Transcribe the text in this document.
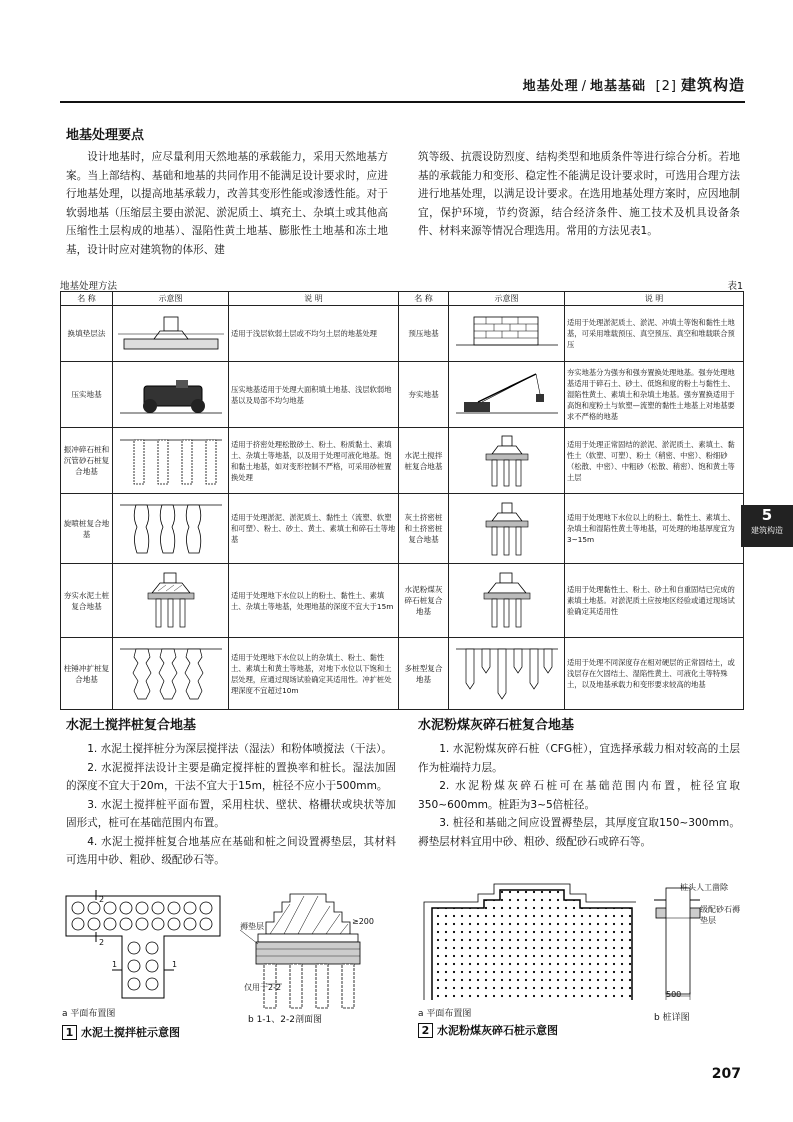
地基处理 / 地基基础 [2] 建筑构造
5
建筑构造
地基处理要点

设计地基时，应尽量利用天然地基的承载能力，采用天然地基方案。当上部结构、基础和地基的共同作用不能满足设计要求时，应进行地基处理，以提高地基承载力，改善其变形性能或渗透性能。对于软弱地基（压缩层主要由淤泥、淤泥质土、填充土、杂填土或其他高压缩性土层构成的地基）、湿陷性黄土地基、膨胀性土地基和冻土地基，设计时应对建筑物的体形、建

筑等级、抗震设防烈度、结构类型和地质条件等进行综合分析。若地基的承载能力和变形、稳定性不能满足设计要求时，可选用合理方法进行地基处理，以满足设计要求。在选用地基处理方案时，应因地制宜，保护环境，节约资源，结合经济条件、施工技术及机具设备条件、材料来源等情况合理选用。常用的方法见表1。

地基处理方法	表1
名 称	示意图	说 明	名 称	示意图	说 明
换填垫层法		适用于浅层软弱土层或不均匀土层的地基处理	预压地基		适用于处理淤泥质土、淤泥、冲填土等饱和黏性土地基，可采用堆载预压、真空预压、真空和堆载联合预压
压实地基		压实地基适用于处理大面积填土地基、浅层软弱地基以及局部不均匀地基	夯实地基		夯实地基分为强夯和强夯置换处理地基。强夯处理地基适用于碎石土、砂土、低饱和度的粉土与黏性土、湿陷性黄土、素填土和杂填土地基。强夯置换适用于高饱和度粉土与软塑—流塑的黏性土地基上对地基要求不严格的地基
振冲碎石桩和沉管砂石桩复合地基		适用于挤密处理松散砂土、粉土、粉质黏土、素填土、杂填土等地基，以及用于处理可液化地基。饱和黏土地基，如对变形控制不严格，可采用砂桩置换处理	水泥土搅拌桩复合地基		适用于处理正常固结的淤泥、淤泥质土、素填土、黏性土（软塑、可塑）、粉土（稍密、中密）、粉细砂（松散、中密）、中粗砂（松散、稍密）、饱和黄土等土层
旋喷桩复合地基		适用于处理淤泥、淤泥质土、黏性土（流塑、软塑和可塑）、粉土、砂土、黄土、素填土和碎石土等地基	灰土挤密桩和土挤密桩复合地基		适用于处理地下水位以上的粉土、黏性土、素填土、杂填土和湿陷性黄土等地基，可处理的地基厚度宜为3~15m
夯实水泥土桩复合地基		适用于处理地下水位以上的粉土、黏性土、素填土、杂填土等地基，处理地基的深度不宜大于15m	水泥粉煤灰碎石桩复合地基		适用于处理黏性土、粉土、砂土和自重固结已完成的素填土地基。对淤泥质土应按地区经验或通过现场试验确定其适用性
柱锤冲扩桩复合地基		适用于处理地下水位以上的杂填土、粉土、黏性土、素填土和黄土等地基，对地下水位以下饱和土层处理，应通过现场试验确定其适用性。冲扩桩处理深度不宜超过10m	多桩型复合地基		适用于处理不同深度存在相对硬层的正常固结土，或浅层存在欠固结土、湿陷性黄土、可液化土等特殊土，以及地基承载力和变形要求较高的地基
水泥土搅拌桩复合地基

1. 水泥土搅拌桩分为深层搅拌法（湿法）和粉体喷搅法（干法）。

2. 水泥搅拌法设计主要是确定搅拌桩的置换率和桩长。湿法加固的深度不宜大于20m，干法不宜大于15m，桩径不应小于500mm。

3. 水泥土搅拌桩平面布置，采用柱状、壁状、格栅状或块状等加固形式，桩可在基础范围内布置。

4. 水泥土搅拌桩复合地基应在基础和桩之间设置褥垫层，其材料可选用中砂、粗砂、级配砂石等。

水泥粉煤灰碎石桩复合地基

1. 水泥粉煤灰碎石桩（CFG桩），宜选择承载力相对较高的土层作为桩端持力层。

2. 水泥粉煤灰碎石桩可在基础范围内布置，桩径宜取350~600mm。桩距为3~5倍桩径。

3. 桩径和基础之间应设置褥垫层，其厚度宜取150~300mm。褥垫层材料宜用中砂、粗砂、级配砂石或碎石等。

2
2
1	1
a 平面布置图
褥垫层
≥200
仅用于2-2
b 1-1、2-2剖面图
1 水泥土搅拌桩示意图
a 平面布置图
桩头人工凿除
级配砂石褥垫层
500
b 桩详图
2 水泥粉煤灰碎石桩示意图
207
